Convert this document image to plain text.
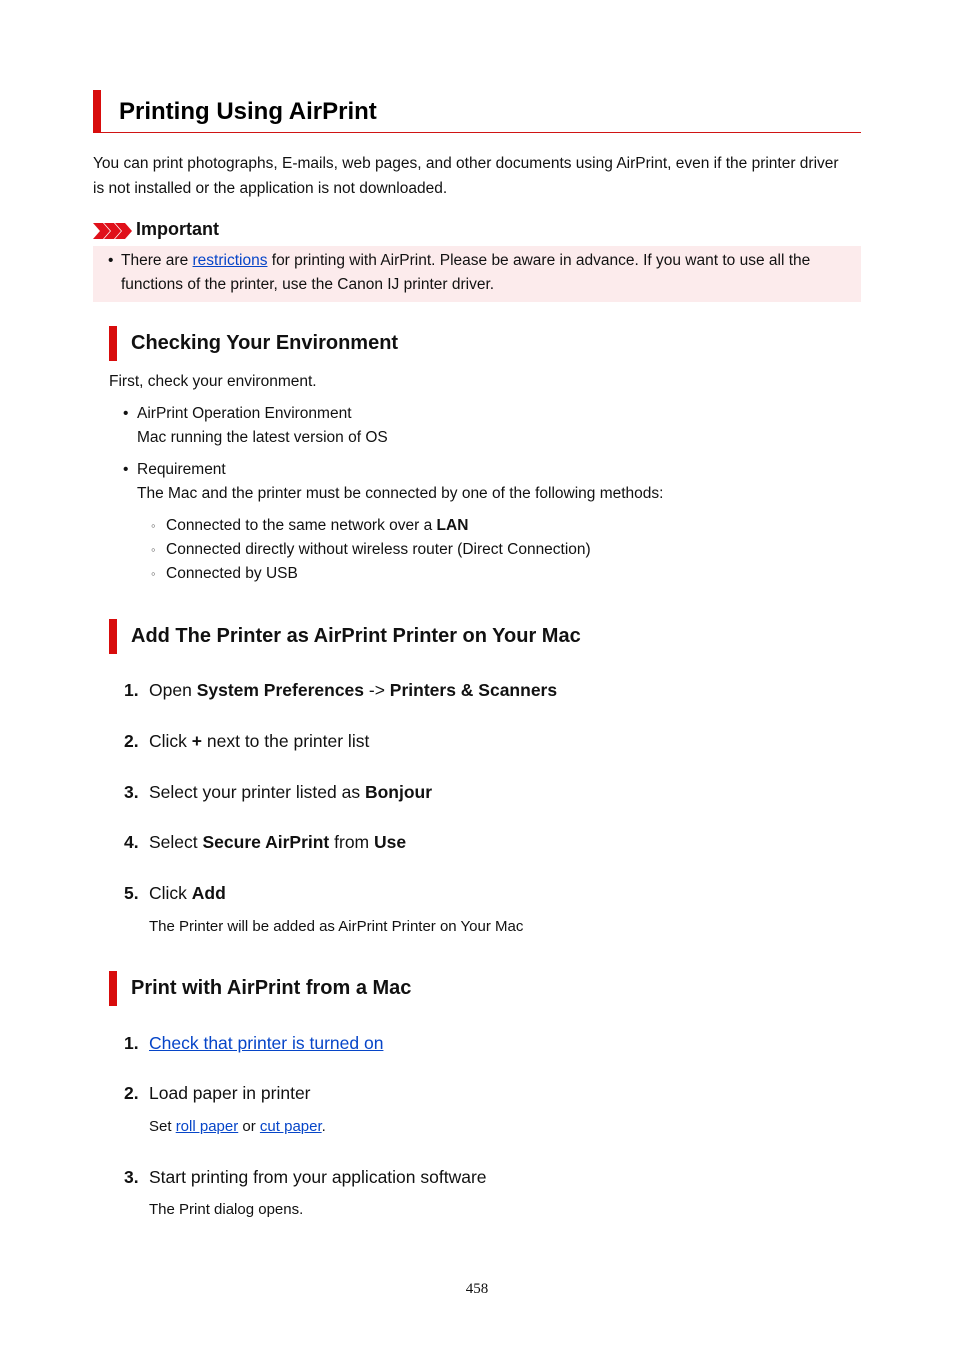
Printing Using AirPrint
You can print photographs, E-mails, web pages, and other documents using AirPrint, even if the printer driver is not installed or the application is not downloaded.
Important
• There are restrictions for printing with AirPrint. Please be aware in advance. If you want to use all the functions of the printer, use the Canon IJ printer driver.
Checking Your Environment
First, check your environment.
• AirPrint Operation Environment
Mac running the latest version of OS
• Requirement
The Mac and the printer must be connected by one of the following methods:
◦ Connected to the same network over a LAN
◦ Connected directly without wireless router (Direct Connection)
◦ Connected by USB
Add The Printer as AirPrint Printer on Your Mac
1. Open System Preferences -> Printers & Scanners
2. Click + next to the printer list
3. Select your printer listed as Bonjour
4. Select Secure AirPrint from Use
5. Click Add
The Printer will be added as AirPrint Printer on Your Mac
Print with AirPrint from a Mac
1. Check that printer is turned on
2. Load paper in printer
Set roll paper or cut paper.
3. Start printing from your application software
The Print dialog opens.
458
